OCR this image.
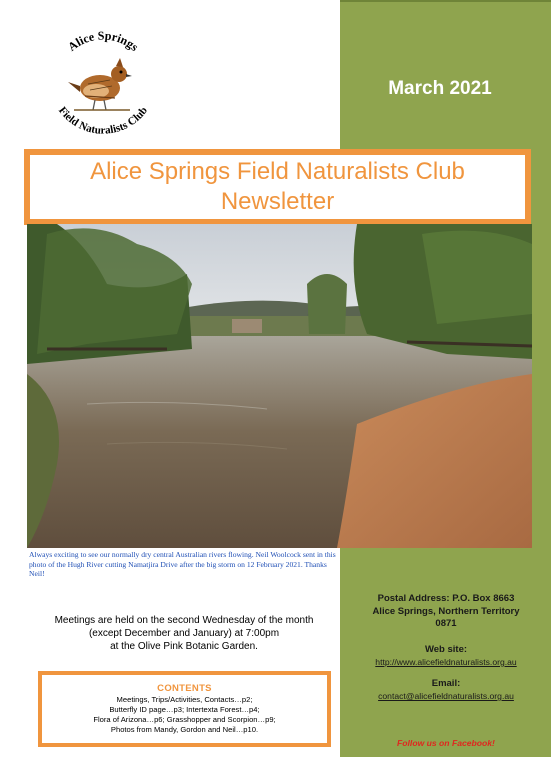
March 2021
Alice Springs
Field Naturalists Club
Alice Springs Field Naturalists Club
Newsletter
Always exciting to see our normally dry central Australian rivers flowing. Neil Woolcock sent in this photo of the Hugh River cutting Namatjira Drive after the big storm on 12 February 2021. Thanks Neil!
Meetings are held on the second Wednesday of the month
(except December and January) at 7:00pm
at the Olive Pink Botanic Garden.
CONTENTS
Meetings, Trips/Activities, Contacts…p2;
Butterfly ID page…p3; Intertexta Forest…p4;
Flora of Arizona…p6; Grasshopper and Scorpion…p9;
Photos from Mandy, Gordon and Neil…p10.
Postal Address: P.O. Box 8663
Alice Springs, Northern Territory
0871
Web site:
http://www.alicefieldnaturalists.org.au
Email:
contact@alicefieldnaturalists.org.au
Follow us on Facebook!
